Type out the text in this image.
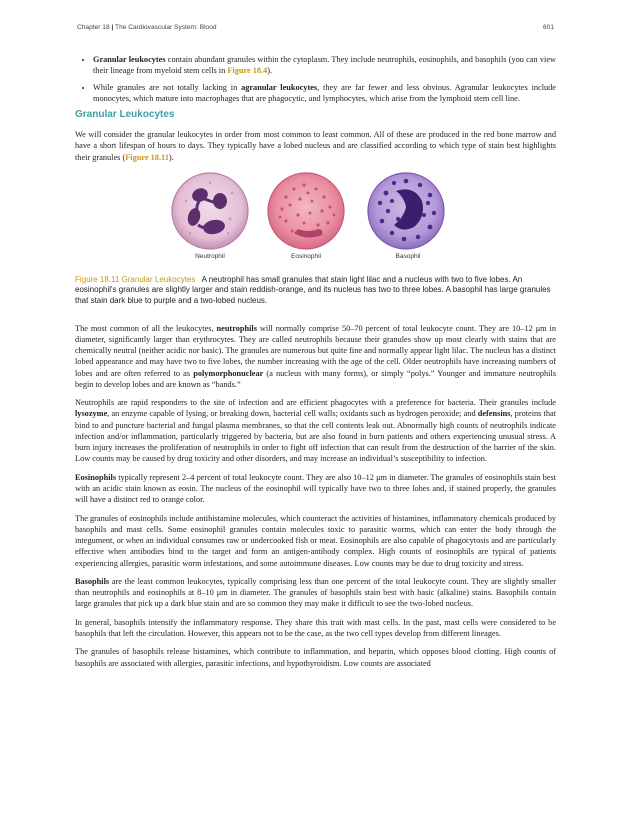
Chapter 18 | The Cardiovascular System: Blood	601
• Granular leukocytes contain abundant granules within the cytoplasm. They include neutrophils, eosinophils, and basophils (you can view their lineage from myeloid stem cells in Figure 18.4).
• While granules are not totally lacking in agranular leukocytes, they are far fewer and less obvious. Agranular leukocytes include monocytes, which mature into macrophages that are phagocytic, and lymphocytes, which arise from the lymphoid stem cell line.
Granular Leukocytes

We will consider the granular leukocytes in order from most common to least common. All of these are produced in the red bone marrow and have a short lifespan of hours to days. They typically have a lobed nucleus and are classified according to which type of stain best highlights their granules (Figure 18.11).

Neutrophil	Eosinophil	Basophil

Figure 18.11 Granular Leukocytes A neutrophil has small granules that stain light lilac and a nucleus with two to five lobes. An eosinophil's granules are slightly larger and stain reddish-orange, and its nucleus has two to three lobes. A basophil has large granules that stain dark blue to purple and a two-lobed nucleus.

The most common of all the leukocytes, neutrophils will normally comprise 50–70 percent of total leukocyte count. They are 10–12 μm in diameter, significantly larger than erythrocytes. They are called neutrophils because their granules show up most clearly with stains that are chemically neutral (neither acidic nor basic). The granules are numerous but quite fine and normally appear light lilac. The nucleus has a distinct lobed appearance and may have two to five lobes, the number increasing with the age of the cell. Older neutrophils have increasing numbers of lobes and are often referred to as polymorphonuclear (a nucleus with many forms), or simply “polys.” Younger and immature neutrophils begin to develop lobes and are known as “bands.”

Neutrophils are rapid responders to the site of infection and are efficient phagocytes with a preference for bacteria. Their granules include lysozyme, an enzyme capable of lysing, or breaking down, bacterial cell walls; oxidants such as hydrogen peroxide; and defensins, proteins that bind to and puncture bacterial and fungal plasma membranes, so that the cell contents leak out. Abnormally high counts of neutrophils indicate infection and/or inflammation, particularly triggered by bacteria, but are also found in burn patients and others experiencing unusual stress. A burn injury increases the proliferation of neutrophils in order to fight off infection that can result from the destruction of the barrier of the skin. Low counts may be caused by drug toxicity and other disorders, and may increase an individual’s susceptibility to infection.

Eosinophils typically represent 2–4 percent of total leukocyte count. They are also 10–12 μm in diameter. The granules of eosinophils stain best with an acidic stain known as eosin. The nucleus of the eosinophil will typically have two to three lobes and, if stained properly, the granules will have a distinct red to orange color.

The granules of eosinophils include antihistamine molecules, which counteract the activities of histamines, inflammatory chemicals produced by basophils and mast cells. Some eosinophil granules contain molecules toxic to parasitic worms, which can enter the body through the integument, or when an individual consumes raw or undercooked fish or meat. Eosinophils are also capable of phagocytosis and are particularly effective when antibodies bind to the target and form an antigen-antibody complex. High counts of eosinophils are typical of patients experiencing allergies, parasitic worm infestations, and some autoimmune diseases. Low counts may be due to drug toxicity and stress.

Basophils are the least common leukocytes, typically comprising less than one percent of the total leukocyte count. They are slightly smaller than neutrophils and eosinophils at 8–10 μm in diameter. The granules of basophils stain best with basic (alkaline) stains. Basophils contain large granules that pick up a dark blue stain and are so common they may make it difficult to see the two-lobed nucleus.

In general, basophils intensify the inflammatory response. They share this trait with mast cells. In the past, mast cells were considered to be basophils that left the circulation. However, this appears not to be the case, as the two cell types develop from different lineages.

The granules of basophils release histamines, which contribute to inflammation, and heparin, which opposes blood clotting. High counts of basophils are associated with allergies, parasitic infections, and hypothyroidism. Low counts are associated
